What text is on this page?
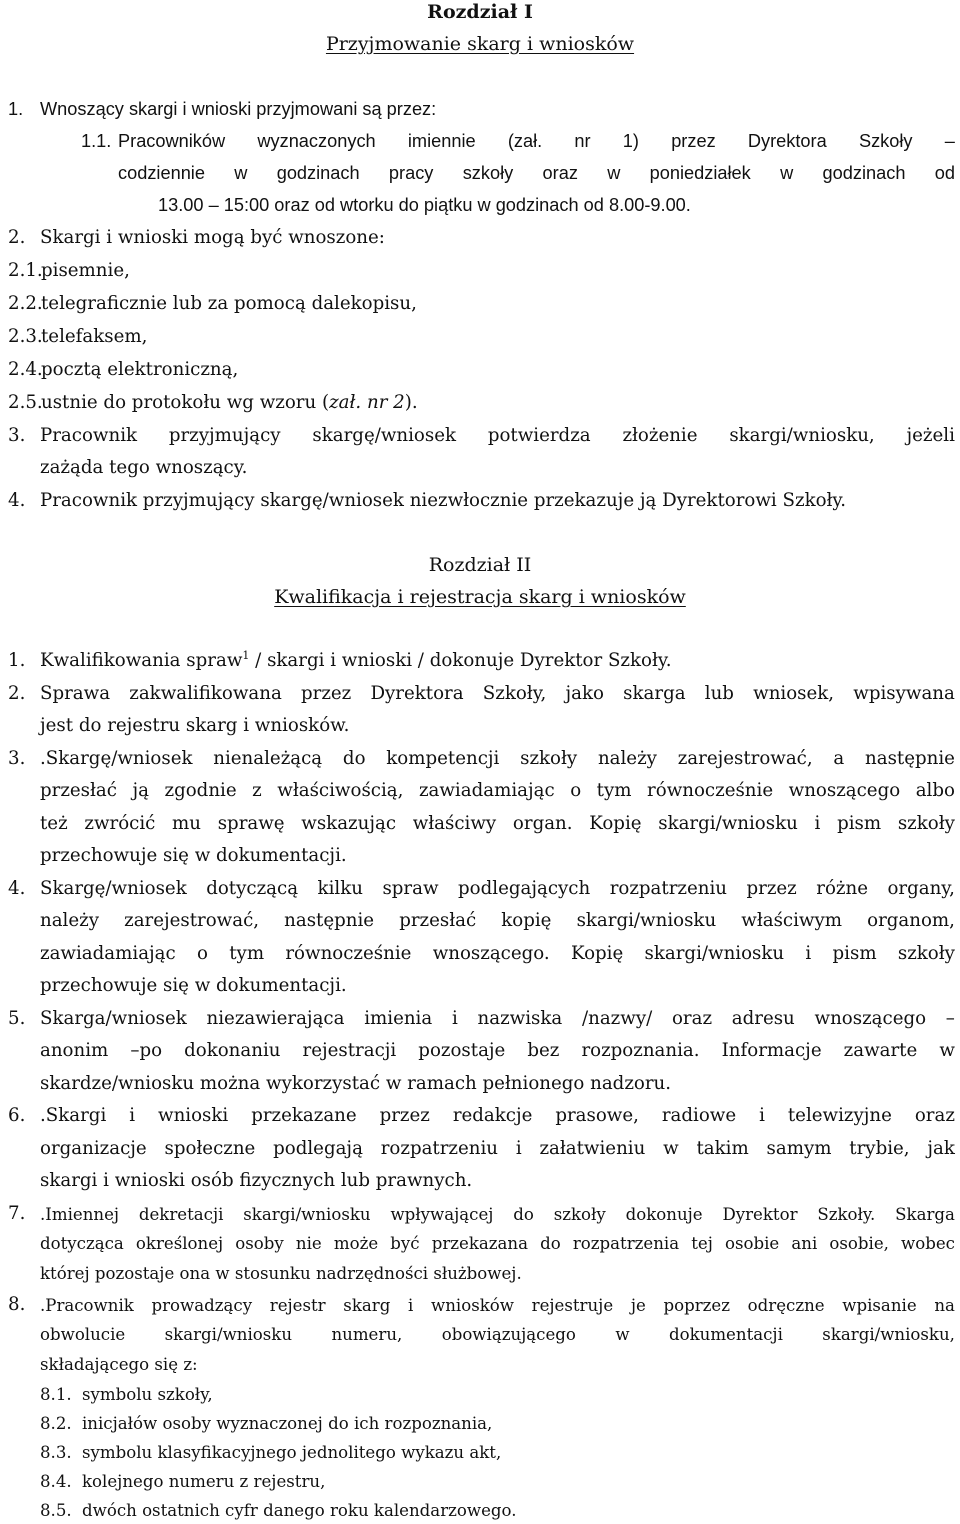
Rozdział I
Przyjmowanie skarg i wniosków
1. Wnoszący skargi i wnioski przyjmowani są przez:
1.1. Pracowników wyznaczonych imiennie (zał. nr 1) przez Dyrektora Szkoły –
codziennie w godzinach pracy szkoły oraz w poniedziałek w godzinach od
13.00 – 15:00 oraz od wtorku do piątku w godzinach od 8.00-9.00.
2. Skargi i wnioski mogą być wnoszone:
2.1.
pisemnie,
2.2.
telegraficznie lub za pomocą dalekopisu,
2.3.
telefaksem,
2.4.
pocztą elektroniczną,
2.5.
ustnie do protokołu wg wzoru (zał. nr 2).
3. Pracownik przyjmujący skargę/wniosek potwierdza złożenie skargi/wniosku, jeżeli
zażąda tego wnoszący.
4. Pracownik przyjmujący skargę/wniosek niezwłocznie przekazuje ją Dyrektorowi Szkoły.
Rozdział II
Kwalifikacja i rejestracja skarg i wniosków
1. Kwalifikowania spraw$^1$ / skargi i wnioski / dokonuje Dyrektor Szkoły.
2. Sprawa zakwalifikowana przez Dyrektora Szkoły, jako skarga lub wniosek, wpisywana
jest do rejestru skarg i wniosków.
3. .Skargę/wniosek nienależącą do kompetencji szkoły należy zarejestrować, a następnie
przesłać ją zgodnie z właściwością, zawiadamiając o tym równocześnie wnoszącego albo
też zwrócić mu sprawę wskazując właściwy organ. Kopię skargi/wniosku i pism szkoły
przechowuje się w dokumentacji.
4. Skargę/wniosek dotyczącą kilku spraw podlegających rozpatrzeniu przez różne organy,
należy zarejestrować, następnie przesłać kopię skargi/wniosku właściwym organom,
zawiadamiając o tym równocześnie wnoszącego. Kopię skargi/wniosku i pism szkoły
przechowuje się w dokumentacji.
5. Skarga/wniosek niezawierająca imienia i nazwiska /nazwy/ oraz adresu wnoszącego –
anonim –po dokonaniu rejestracji pozostaje bez rozpoznania. Informacje zawarte w
skardze/wniosku można wykorzystać w ramach pełnionego nadzoru.
6. .Skargi i wnioski przekazane przez redakcje prasowe, radiowe i telewizyjne oraz
organizacje społeczne podlegają rozpatrzeniu i załatwieniu w takim samym trybie, jak
skargi i wnioski osób fizycznych lub prawnych.
7. .Imiennej dekretacji skargi/wniosku wpływającej do szkoły dokonuje Dyrektor Szkoły. Skarga
dotycząca określonej osoby nie może być przekazana do rozpatrzenia tej osobie ani osobie, wobec
której pozostaje ona w stosunku nadrzędności służbowej.
8. .Pracownik prowadzący rejestr skarg i wniosków rejestruje je poprzez odręczne wpisanie na
obwolucie skargi/wniosku numeru, obowiązującego w dokumentacji skargi/wniosku,
składającego się z:
8.1. symbolu szkoły,
8.2. inicjałów osoby wyznaczonej do ich rozpoznania,
8.3. symbolu klasyfikacyjnego jednolitego wykazu akt,
8.4. kolejnego numeru z rejestru,
8.5. dwóch ostatnich cyfr danego roku kalendarzowego.
